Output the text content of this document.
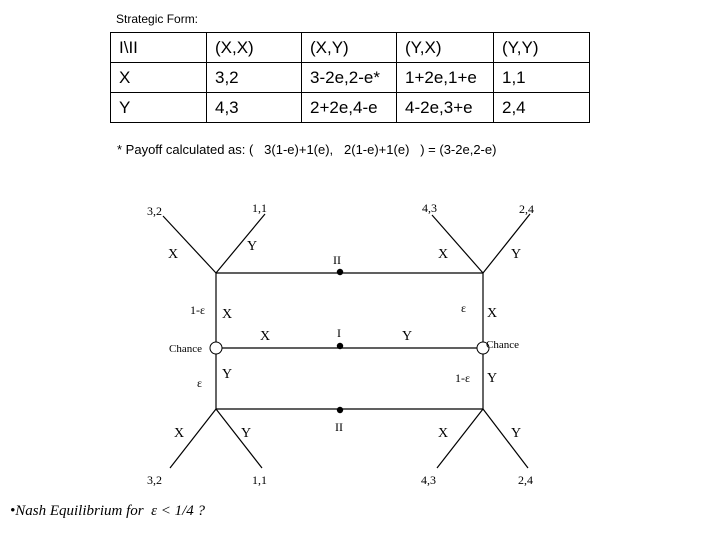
Strategic Form:
I\II	(X,X)	(X,Y)	(Y,X)	(Y,Y)
X	3,2	3-2e,2-e*	1+2e,1+e	1,1
Y	4,3	2+2e,4-e	4-2e,3+e	2,4
* Payoff calculated as: (   3(1-e)+1(e),   2(1-e)+1(e)   ) = (3-2e,2-e)
3,2	1,1	4,3	2,4
3,2	1,1	4,3	2,4
X
Y
X	Y
X	Y	X	Y
X	Y
X
Y
X
Y
1-ε
ε
ε
1-ε
II
I
II
Chance	Chance
•Nash Equilibrium for  ε < 1/4 ?
